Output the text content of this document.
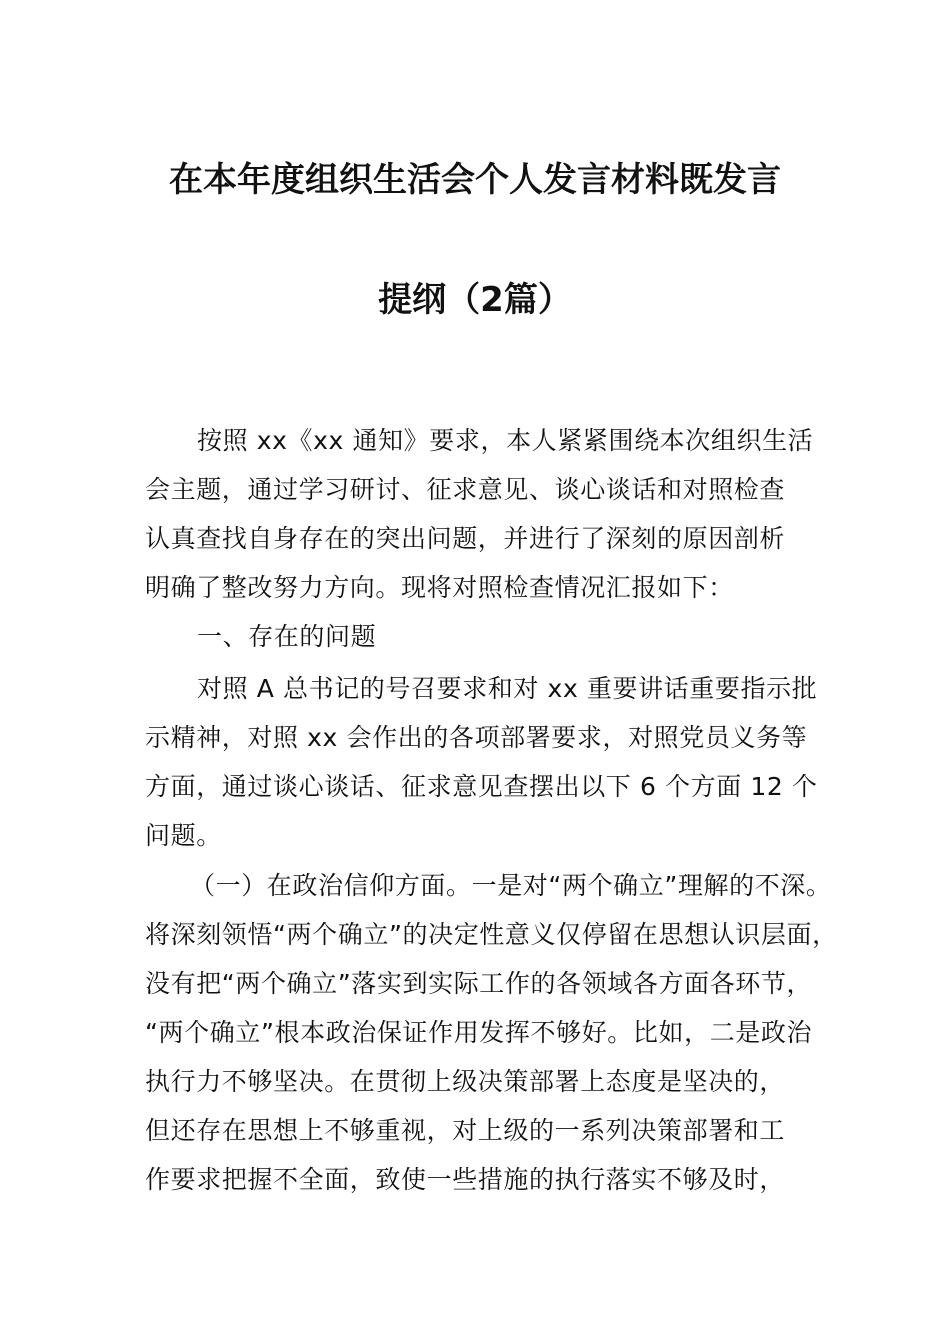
在本年度组织生活会个人发言材料既发言
提纲（2篇）
按照 xx《xx 通知》要求，本人紧紧围绕本次组织生活
会主题，通过学习研讨、征求意见、谈心谈话和对照检查
认真查找自身存在的突出问题，并进行了深刻的原因剖析
明确了整改努力方向。现将对照检查情况汇报如下：
一、存在的问题
对照 A 总书记的号召要求和对 xx 重要讲话重要指示批
示精神，对照 xx 会作出的各项部署要求，对照党员义务等
方面，通过谈心谈话、征求意见查摆出以下 6 个方面 12 个
问题。
（一）在政治信仰方面。一是对“两个确立”理解的不深。
将深刻领悟“两个确立”的决定性意义仅停留在思想认识层面，
没有把“两个确立”落实到实际工作的各领域各方面各环节，
“两个确立”根本政治保证作用发挥不够好。比如，二是政治
执行力不够坚决。在贯彻上级决策部署上态度是坚决的，
但还存在思想上不够重视，对上级的一系列决策部署和工
作要求把握不全面，致使一些措施的执行落实不够及时，
